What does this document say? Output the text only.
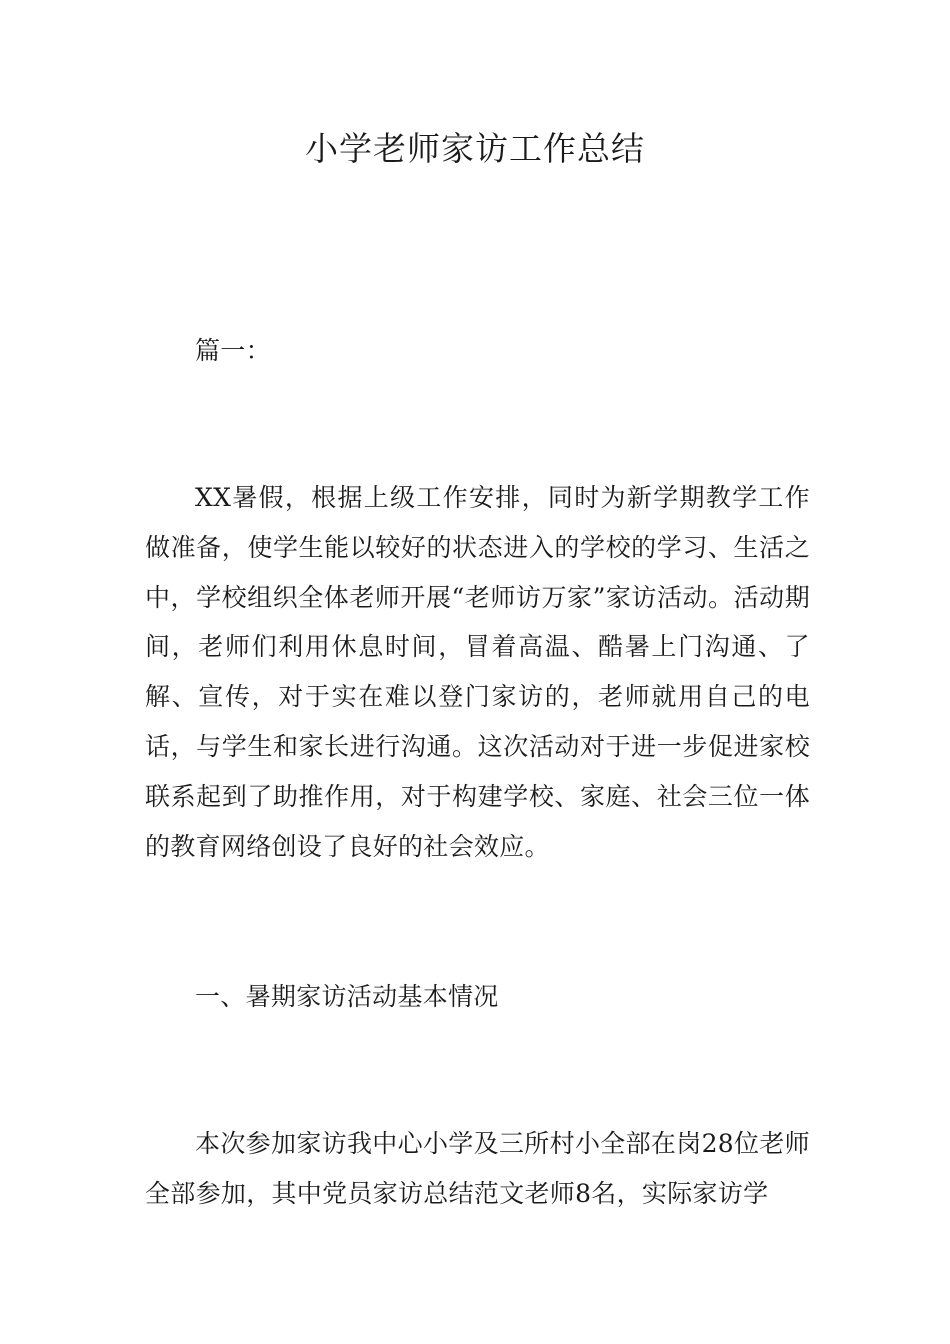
小学老师家访工作总结

篇一：

XX暑假，根据上级工作安排，同时为新学期教学工作做准备，使学生能以较好的状态进入的学校的学习、生活之中，学校组织全体老师开展“老师访万家”家访活动。活动期间，老师们利用休息时间，冒着高温、酷暑上门沟通、了解、宣传，对于实在难以登门家访的，老师就用自己的电话，与学生和家长进行沟通。这次活动对于进一步促进家校联系起到了助推作用，对于构建学校、家庭、社会三位一体的教育网络创设了良好的社会效应。

一、暑期家访活动基本情况

本次参加家访我中心小学及三所村小全部在岗28位老师全部参加，其中党员家访总结范文老师8名，实际家访学
